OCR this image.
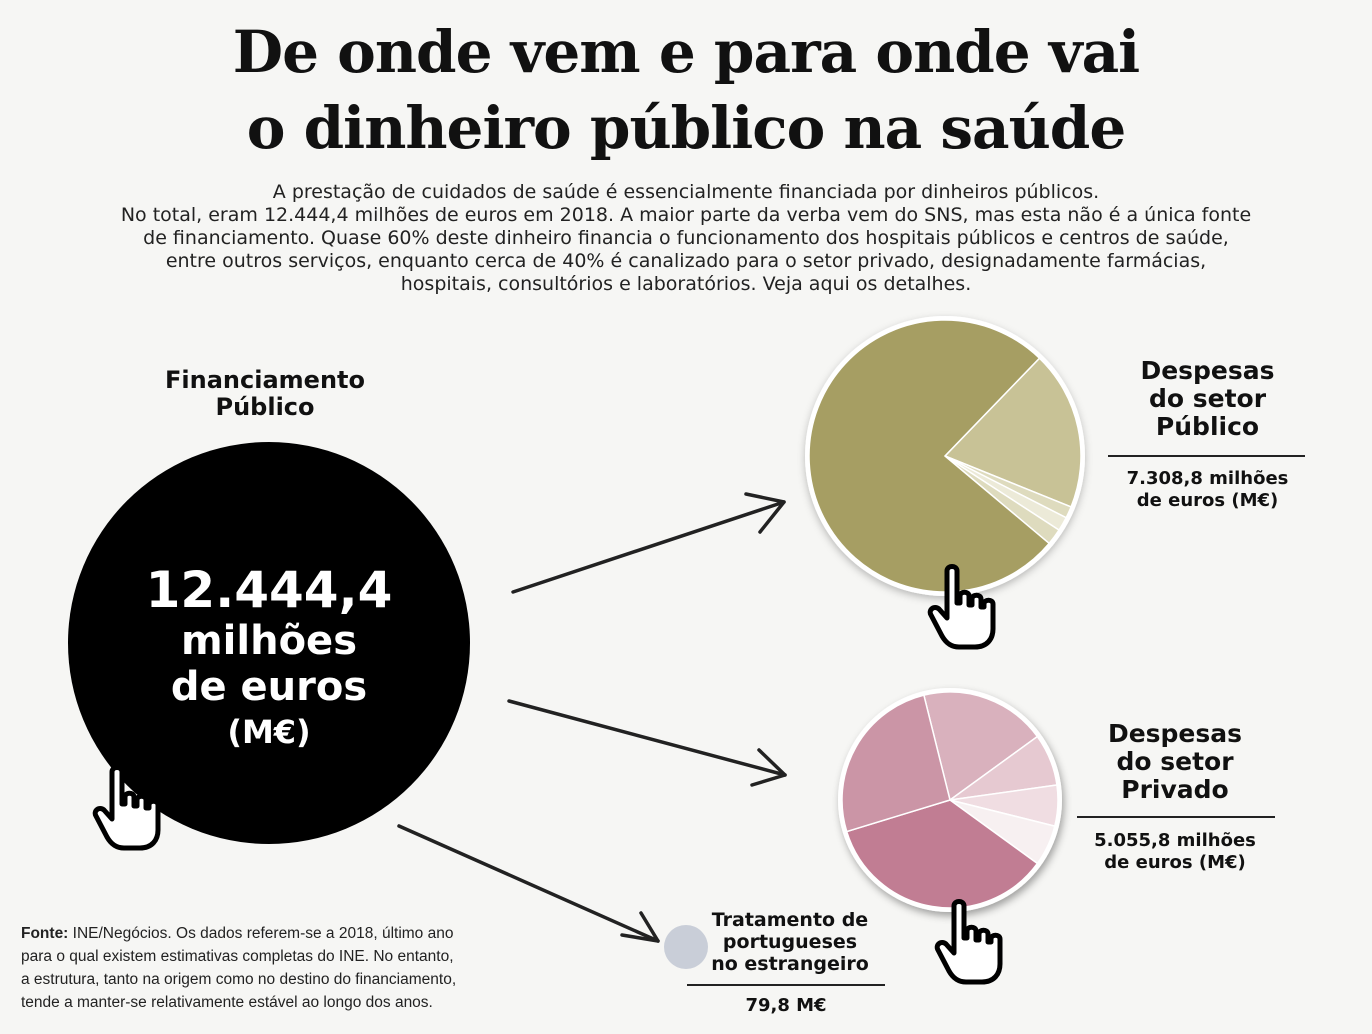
De onde vem e para onde vai
o dinheiro público na saúde
A prestação de cuidados de saúde é essencialmente financiada por dinheiros públicos.
No total, eram 12.444,4 milhões de euros em 2018. A maior parte da verba vem do SNS, mas esta não é a única fonte
de financiamento. Quase 60% deste dinheiro financia o funcionamento dos hospitais públicos e centros de saúde,
entre outros serviços, enquanto cerca de 40% é canalizado para o setor privado, designadamente farmácias,
hospitais, consultórios e laboratórios. Veja aqui os detalhes.
Financiamento
Público
12.444,4
milhões
de euros
(M€)
Despesas
do setor
Público
7.308,8 milhões
de euros (M€)
Despesas
do setor
Privado
5.055,8 milhões
de euros (M€)
Tratamento de
portugueses
no estrangeiro
79,8 M€
Fonte: INE/Negócios. Os dados referem-se a 2018, último ano
para o qual existem estimativas completas do INE. No entanto,
a estrutura, tanto na origem como no destino do financiamento,
tende a manter-se relativamente estável ao longo dos anos.
